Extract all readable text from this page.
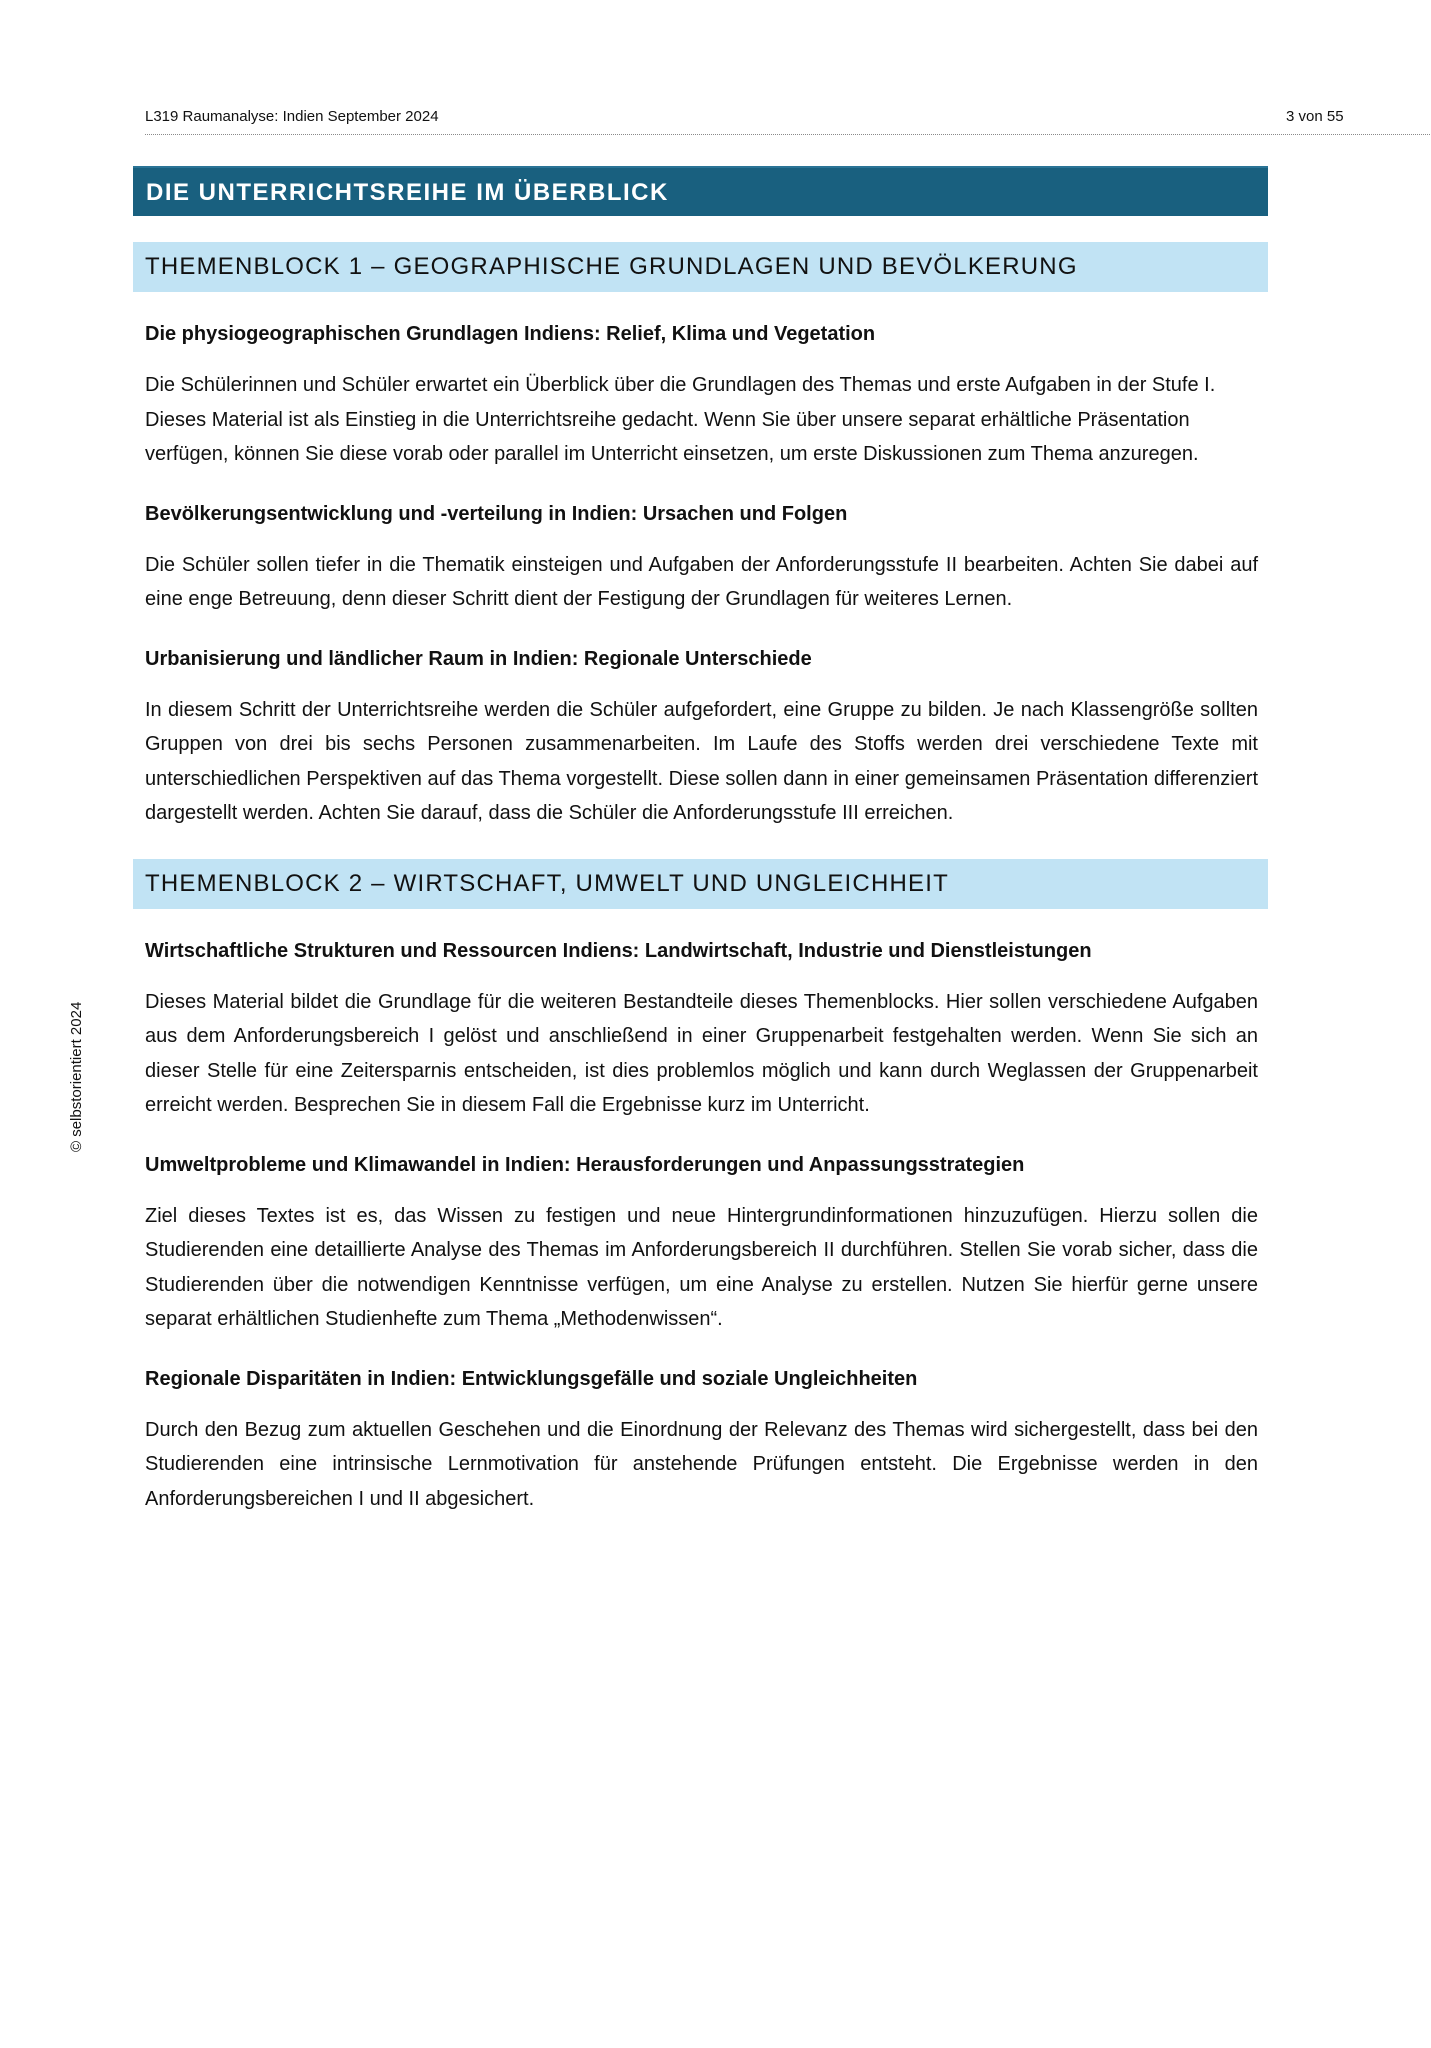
L319 Raumanalyse: Indien September 2024	3 von 55
© selbstorientiert 2024
DIE UNTERRICHTSREIHE IM ÜBERBLICK
THEMENBLOCK 1 – GEOGRAPHISCHE GRUNDLAGEN UND BEVÖLKERUNG
Die physiogeographischen Grundlagen Indiens: Relief, Klima und Vegetation
Die Schülerinnen und Schüler erwartet ein Überblick über die Grundlagen des Themas und erste Aufgaben in der Stufe I. Dieses Material ist als Einstieg in die Unterrichtsreihe gedacht. Wenn Sie über unsere separat erhältliche Präsentation verfügen, können Sie diese vorab oder parallel im Unterricht einsetzen, um erste Diskussionen zum Thema anzuregen.
Bevölkerungsentwicklung und -verteilung in Indien: Ursachen und Folgen
Die Schüler sollen tiefer in die Thematik einsteigen und Aufgaben der Anforderungsstufe II bearbeiten. Achten Sie dabei auf eine enge Betreuung, denn dieser Schritt dient der Festigung der Grundlagen für weiteres Lernen.
Urbanisierung und ländlicher Raum in Indien: Regionale Unterschiede
In diesem Schritt der Unterrichtsreihe werden die Schüler aufgefordert, eine Gruppe zu bilden. Je nach Klassengröße sollten Gruppen von drei bis sechs Personen zusammenarbeiten. Im Laufe des Stoffs werden drei verschiedene Texte mit unterschiedlichen Perspektiven auf das Thema vorgestellt. Diese sollen dann in einer gemeinsamen Präsentation differenziert dargestellt werden. Achten Sie darauf, dass die Schüler die Anforderungsstufe III erreichen.
THEMENBLOCK 2 – WIRTSCHAFT, UMWELT UND UNGLEICHHEIT
Wirtschaftliche Strukturen und Ressourcen Indiens: Landwirtschaft, Industrie und Dienstleistungen
Dieses Material bildet die Grundlage für die weiteren Bestandteile dieses Themenblocks. Hier sollen verschiedene Aufgaben aus dem Anforderungsbereich I gelöst und anschließend in einer Gruppenarbeit festgehalten werden. Wenn Sie sich an dieser Stelle für eine Zeitersparnis entscheiden, ist dies problemlos möglich und kann durch Weglassen der Gruppenarbeit erreicht werden. Besprechen Sie in diesem Fall die Ergebnisse kurz im Unterricht.
Umweltprobleme und Klimawandel in Indien: Herausforderungen und Anpassungsstrategien
Ziel dieses Textes ist es, das Wissen zu festigen und neue Hintergrundinformationen hinzuzufügen. Hierzu sollen die Studierenden eine detaillierte Analyse des Themas im Anforderungsbereich II durchführen. Stellen Sie vorab sicher, dass die Studierenden über die notwendigen Kenntnisse verfügen, um eine Analyse zu erstellen. Nutzen Sie hierfür gerne unsere separat erhältlichen Studienhefte zum Thema „Methodenwissen“.
Regionale Disparitäten in Indien: Entwicklungsgefälle und soziale Ungleichheiten
Durch den Bezug zum aktuellen Geschehen und die Einordnung der Relevanz des Themas wird sichergestellt, dass bei den Studierenden eine intrinsische Lernmotivation für anstehende Prüfungen entsteht. Die Ergebnisse werden in den Anforderungsbereichen I und II abgesichert.
